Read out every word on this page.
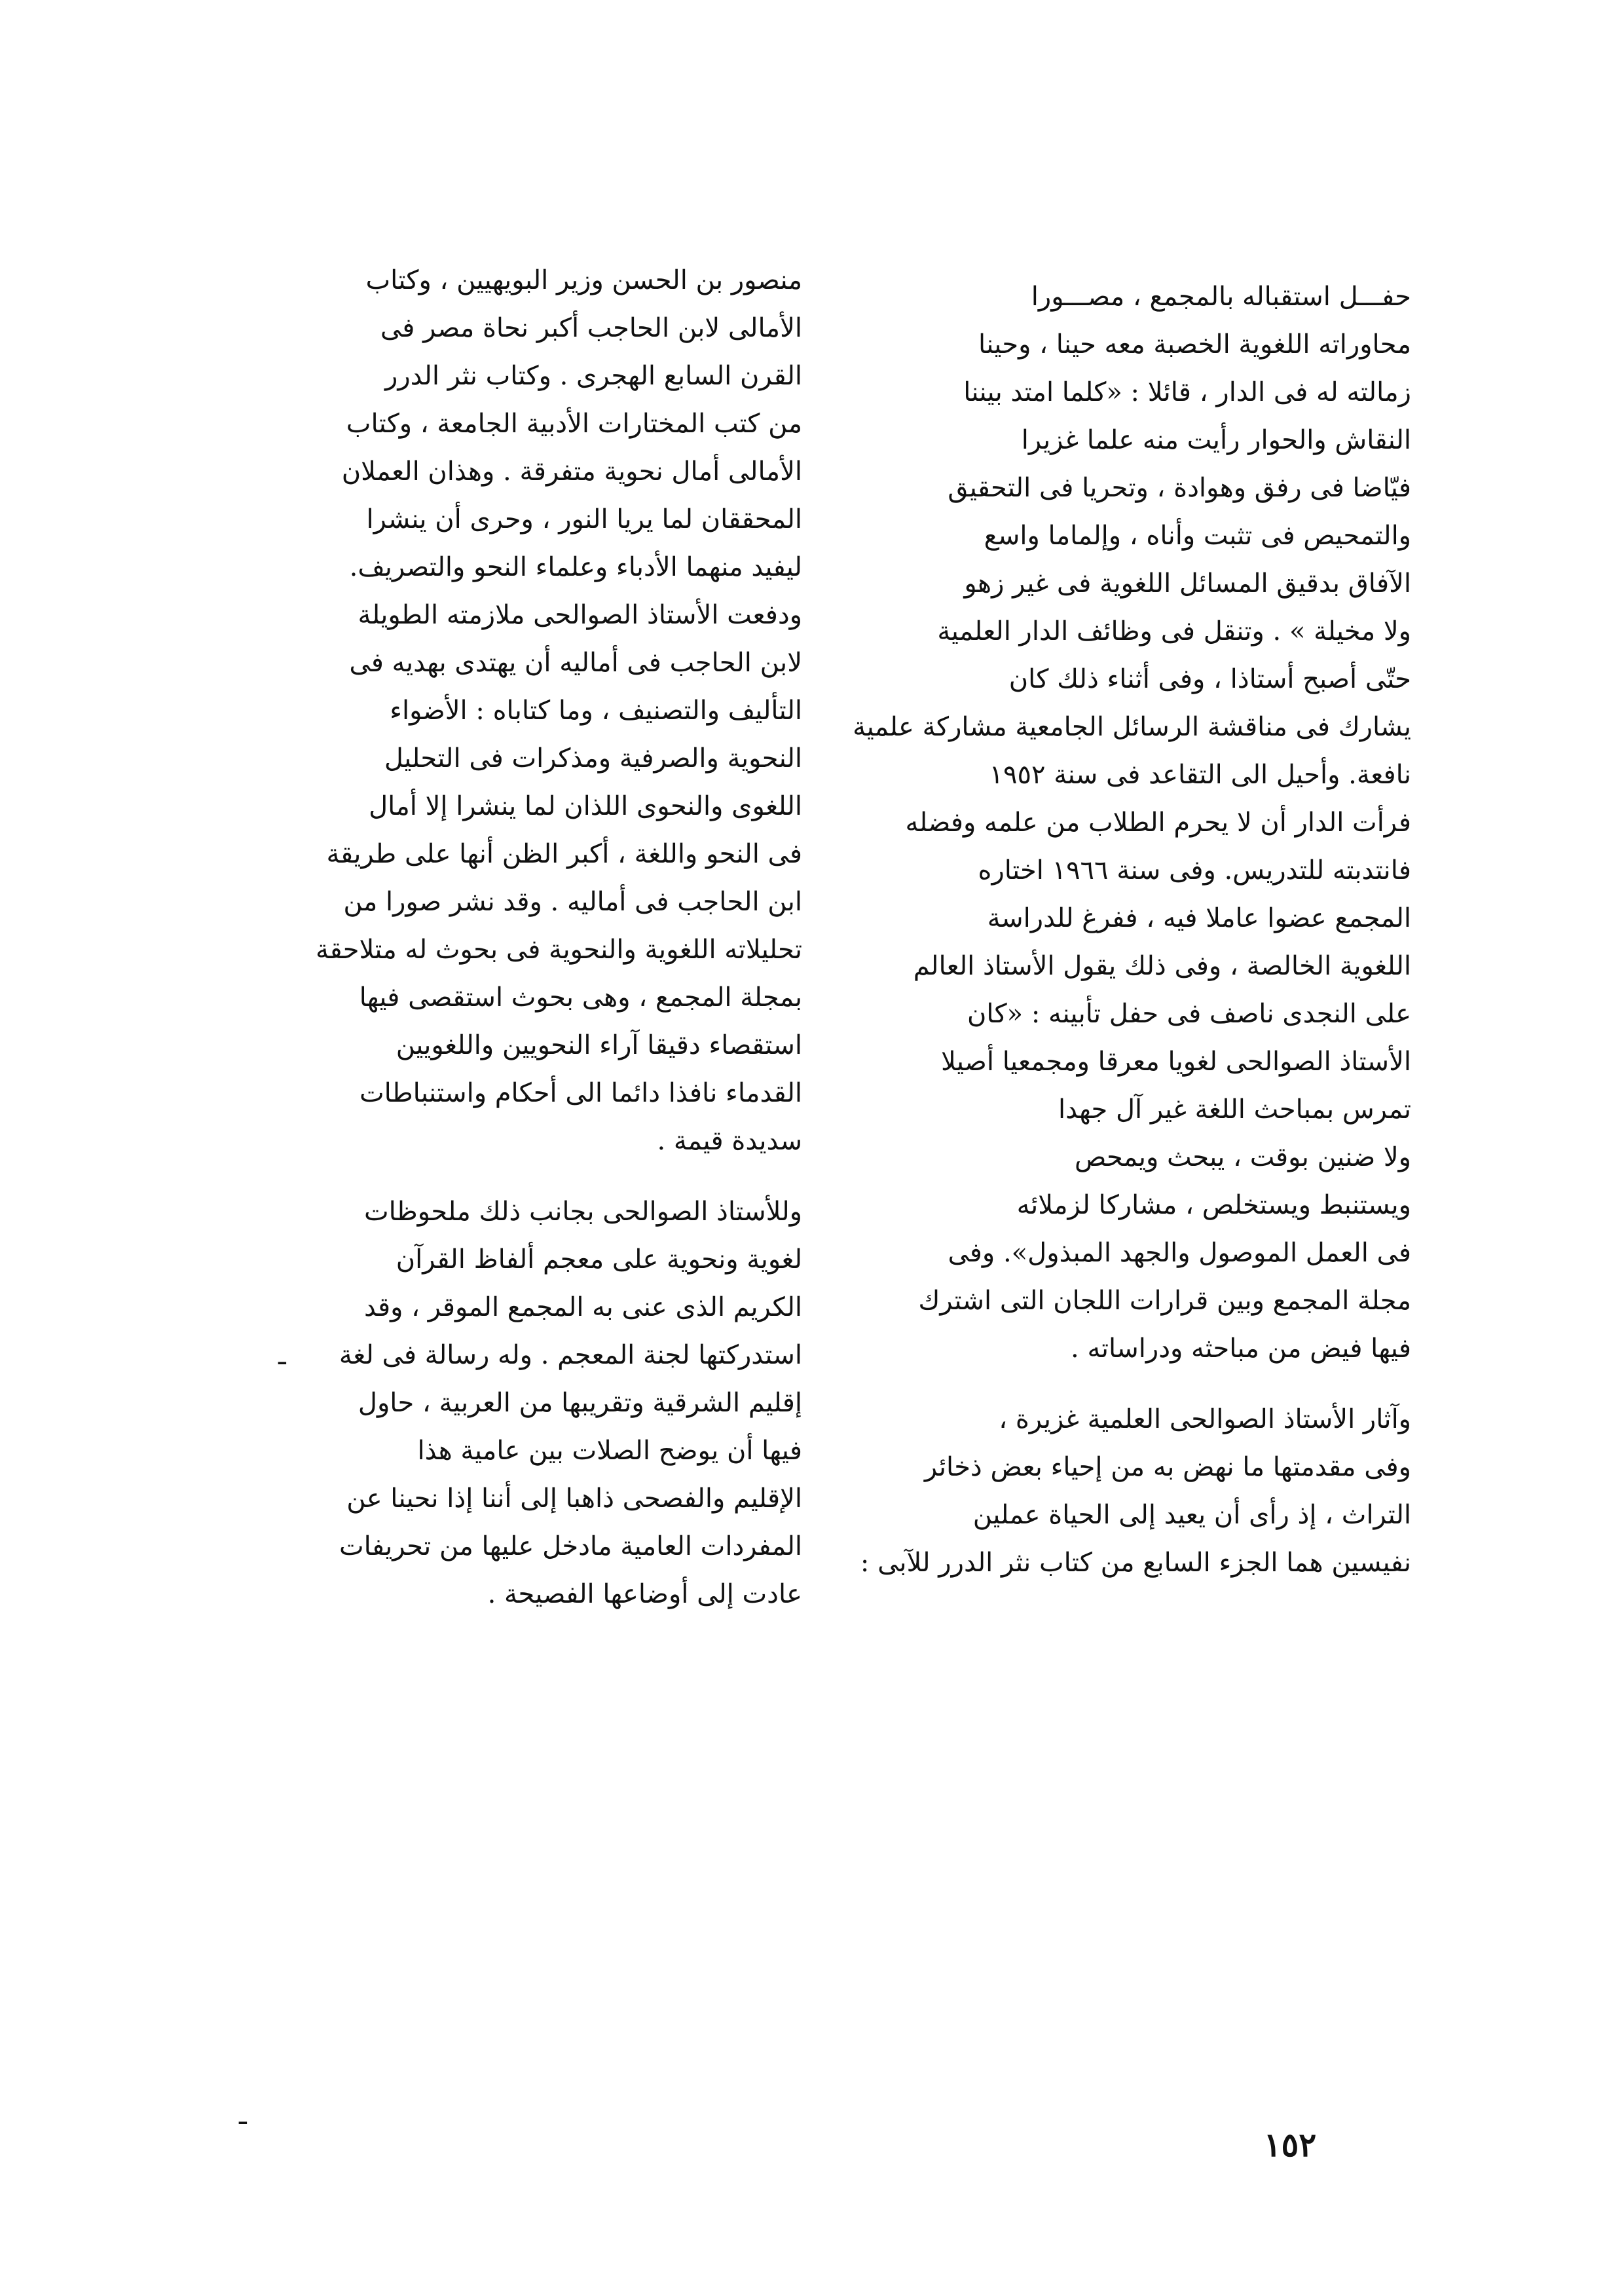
حفـــل استقباله بالمجمع ، مصـــورا
محاوراته اللغوية الخصبة معه حينا ، وحينا
زمالته له فى الدار ، قائلا : «كلما امتد بيننا
النقاش والحوار رأيت منه علما غزيرا
فيّاضا فى رفق وهوادة ، وتحريا فى التحقيق
والتمحيص فى تثبت وأناه ، وإلماما واسع
الآفاق بدقيق المسائل اللغوية فى غير زهو
ولا مخيلة » . وتنقل فى وظائف الدار العلمية
حتّى أصبح أستاذا ، وفى أثناء ذلك كان
يشارك فى مناقشة الرسائل الجامعية مشاركة علمية
نافعة. وأحيل الى التقاعد فى سنة ١٩٥٢
فرأت الدار أن لا يحرم الطلاب من علمه وفضله
فانتدبته للتدريس. وفى سنة ١٩٦٦ اختاره
المجمع عضوا عاملا فيه ، ففرغ للدراسة
اللغوية الخالصة ، وفى ذلك يقول الأستاذ العالم
على النجدى ناصف فى حفل تأبينه : «كان
الأستاذ الصوالحى لغويا معرقا ومجمعيا أصيلا
تمرس بمباحث اللغة غير آل جهدا
ولا ضنين بوقت ، يبحث ويمحص
ويستنبط ويستخلص ، مشاركا لزملائه
فى العمل الموصول والجهد المبذول». وفى
مجلة المجمع وبين قرارات اللجان التى اشترك
فيها فيض من مباحثه ودراساته .
وآثار الأستاذ الصوالحى العلمية غزيرة ،
وفى مقدمتها ما نهض به من إحياء بعض ذخائر
التراث ، إذ رأى أن يعيد إلى الحياة عملين
نفيسين هما الجزء السابع من كتاب نثر الدرر للآبى :
منصور بن الحسن وزير البويهيين ، وكتاب
الأمالى لابن الحاجب أكبر نحاة مصر فى
القرن السابع الهجرى . وكتاب نثر الدرر
من كتب المختارات الأدبية الجامعة ، وكتاب
الأمالى أمال نحوية متفرقة . وهذان العملان
المحققان لما يريا النور ، وحرى أن ينشرا
ليفيد منهما الأدباء وعلماء النحو والتصريف.
ودفعت الأستاذ الصوالحى ملازمته الطويلة
لابن الحاجب فى أماليه أن يهتدى بهديه فى
التأليف والتصنيف ، وما كتاباه : الأضواء
النحوية والصرفية ومذكرات فى التحليل
اللغوى والنحوى اللذان لما ينشرا إلا أمال
فى النحو واللغة ، أكبر الظن أنها على طريقة
ابن الحاجب فى أماليه . وقد نشر صورا من
تحليلاته اللغوية والنحوية فى بحوث له متلاحقة
بمجلة المجمع ، وهى بحوث استقصى فيها
استقصاء دقيقا آراء النحويين واللغويين
القدماء نافذا دائما الى أحكام واستنباطات
سديدة قيمة .
وللأستاذ الصوالحى بجانب ذلك ملحوظات
لغوية ونحوية على معجم ألفاظ القرآن
الكريم الذى عنى به المجمع الموقر ، وقد
استدركتها لجنة المعجم . وله رسالة فى لغة
إقليم الشرقية وتقريبها من العربية ، حاول
فيها أن يوضح الصلات بين عامية هذا
الإقليم والفصحى ذاهبا إلى أننا إذا نحينا عن
المفردات العامية مادخل عليها من تحريفات
عادت إلى أوضاعها الفصيحة .
ـ
ـ
١٥٢
